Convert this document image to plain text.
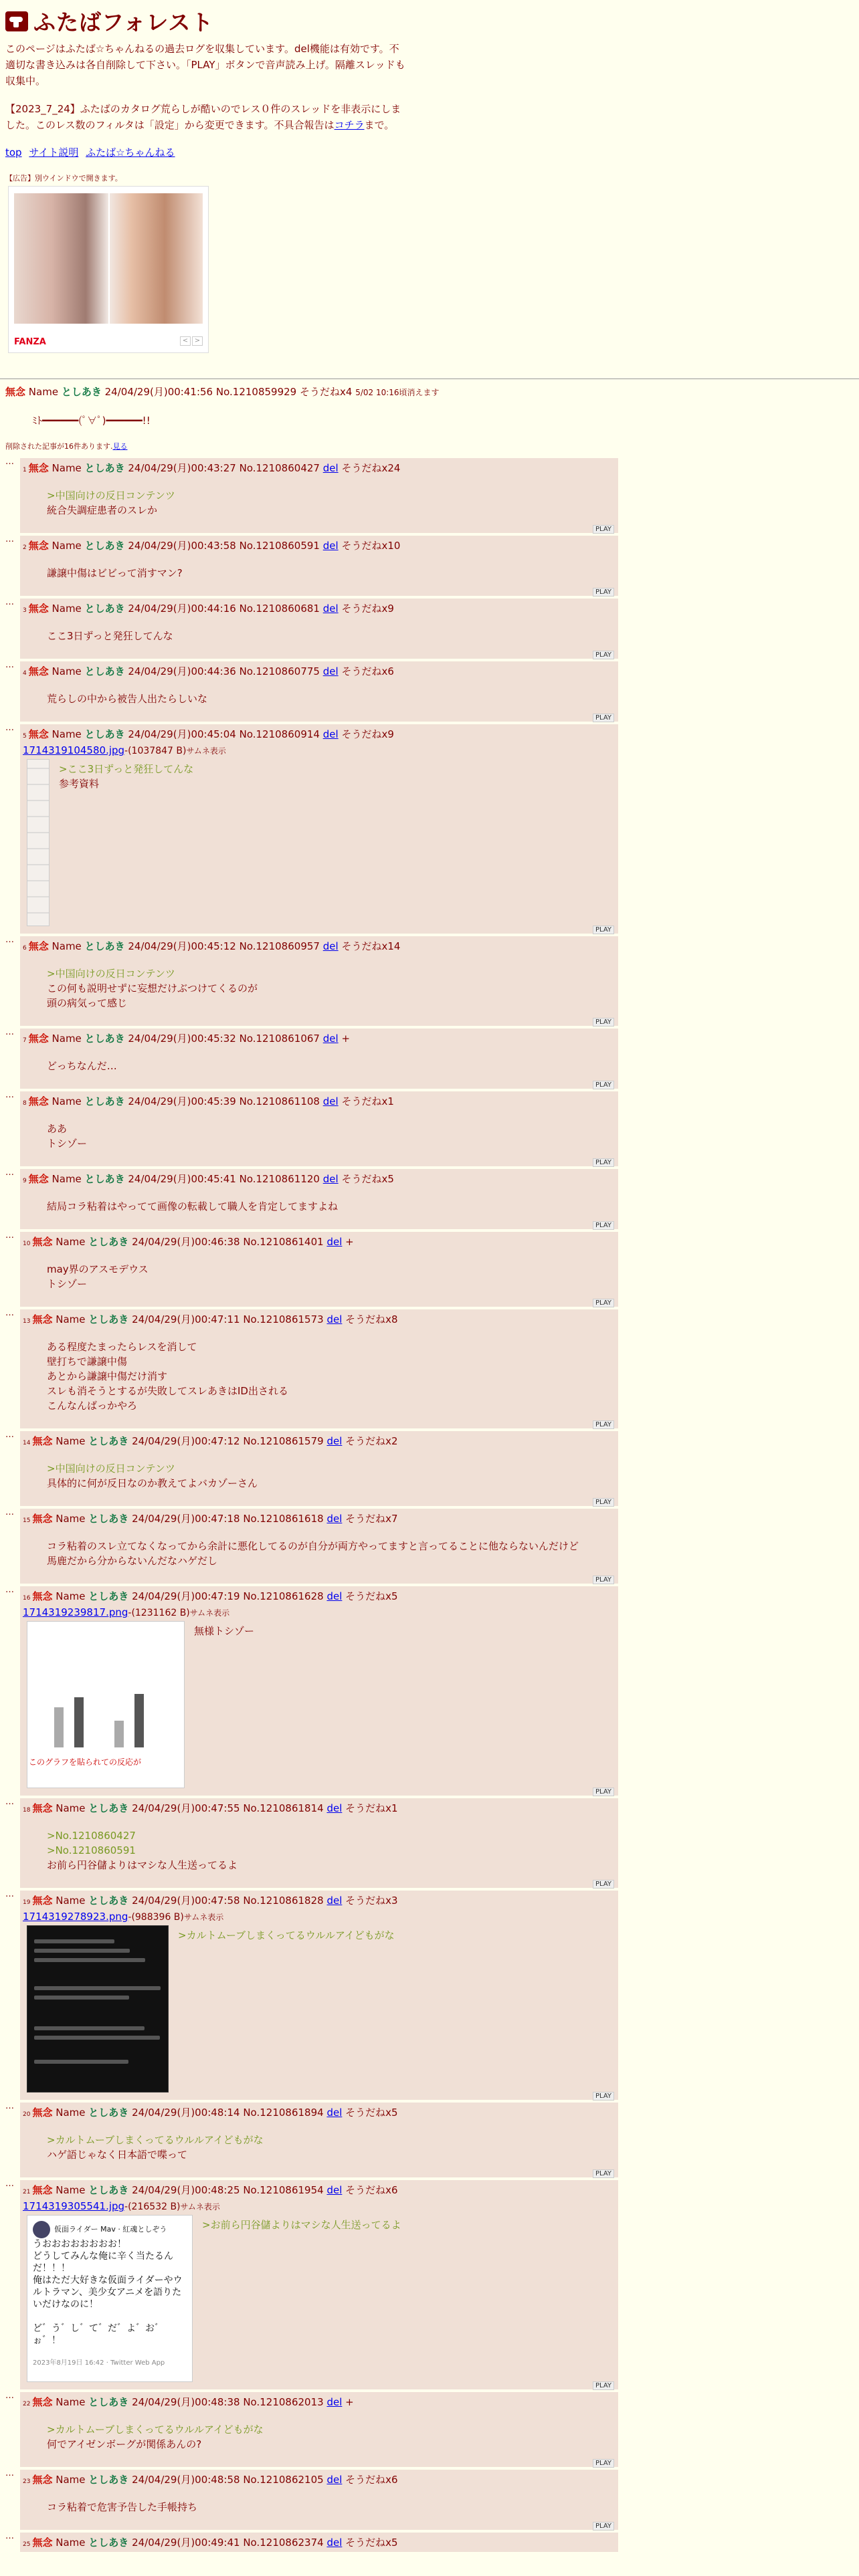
ふたばフォレスト

このページはふたば☆ちゃんねるの過去ログを収集しています。del機能は有効です。不適切な書き込みは各自削除して下さい。「PLAY」ボタンで音声読み上げ。隔離スレッドも収集中。

【2023_7_24】ふたばのカタログ荒らしが酷いのでレス０件のスレッドを非表示にしました。このレス数のフィルタは「設定」から変更できます。不具合報告はコチラまで。

top サイト説明 ふたば☆ちゃんねる
【広告】別ウインドウで開きます。
FANZA	< >
無念 Name としあき 24/04/29(月)00:41:56 No.1210859929 そうだねx4 5/02 10:16頃消えます
ﾐﾄ━━━━━━(ﾟ∀ﾟ)━━━━━━!!
削除された記事が16件あります.見る
…
1 無念 Name としあき 24/04/29(月)00:43:27 No.1210860427 del そうだねx24
>中国向けの反日コンテンツ
統合失調症患者のスレか
PLAY
…
2 無念 Name としあき 24/04/29(月)00:43:58 No.1210860591 del そうだねx10
謙譲中傷はビビって消すマン?
PLAY
…
3 無念 Name としあき 24/04/29(月)00:44:16 No.1210860681 del そうだねx9
ここ3日ずっと発狂してんな
PLAY
…
4 無念 Name としあき 24/04/29(月)00:44:36 No.1210860775 del そうだねx6
荒らしの中から被告人出たらしいな
PLAY
…
5 無念 Name としあき 24/04/29(月)00:45:04 No.1210860914 del そうだねx9
1714319104580.jpg-(1037847 B)サムネ表示
>ここ3日ずっと発狂してんな
参考資料
PLAY
…
6 無念 Name としあき 24/04/29(月)00:45:12 No.1210860957 del そうだねx14
>中国向けの反日コンテンツ
この何も説明せずに妄想だけぶつけてくるのが
頭の病気って感じ
PLAY
…
7 無念 Name としあき 24/04/29(月)00:45:32 No.1210861067 del +
どっちなんだ…
PLAY
…
8 無念 Name としあき 24/04/29(月)00:45:39 No.1210861108 del そうだねx1
ああ
トシゾー
PLAY
…
9 無念 Name としあき 24/04/29(月)00:45:41 No.1210861120 del そうだねx5
結局コラ粘着はやってて画像の転載して職人を肯定してますよね
PLAY
…
10 無念 Name としあき 24/04/29(月)00:46:38 No.1210861401 del +
may界のアスモデウス
トシゾー
PLAY
…
13 無念 Name としあき 24/04/29(月)00:47:11 No.1210861573 del そうだねx8
ある程度たまったらレスを消して
壁打ちで謙譲中傷
あとから謙譲中傷だけ消す
スレも消そうとするが失敗してスレあきはID出される
こんなんばっかやろ
PLAY
…
14 無念 Name としあき 24/04/29(月)00:47:12 No.1210861579 del そうだねx2
>中国向けの反日コンテンツ
具体的に何が反日なのか教えてよバカゾーさん
PLAY
…
15 無念 Name としあき 24/04/29(月)00:47:18 No.1210861618 del そうだねx7
コラ粘着のスレ立てなくなってから余計に悪化してるのが自分が両方やってますと言ってることに他ならないんだけど
馬鹿だから分からないんだなハゲだし
PLAY
…
16 無念 Name としあき 24/04/29(月)00:47:19 No.1210861628 del そうだねx5
1714319239817.png-(1231162 B)サムネ表示
このグラフを貼られての反応が
無様トシゾー
PLAY
…
18 無念 Name としあき 24/04/29(月)00:47:55 No.1210861814 del そうだねx1
>No.1210860427
>No.1210860591
お前ら円谷儲よりはマシな人生送ってるよ
PLAY
…
19 無念 Name としあき 24/04/29(月)00:47:58 No.1210861828 del そうだねx3
1714319278923.png-(988396 B)サムネ表示
>カルトムーブしまくってるウルルアイどもがな
PLAY
…
20 無念 Name としあき 24/04/29(月)00:48:14 No.1210861894 del そうだねx5
>カルトムーブしまくってるウルルアイどもがな
ハゲ語じゃなく日本語で喋って
PLAY
…
21 無念 Name としあき 24/04/29(月)00:48:25 No.1210861954 del そうだねx6
1714319305541.jpg-(216532 B)サムネ表示
仮面ライダー Mav · 紅魂としぞう
うおおおおおおおお！
どうしてみんな俺に辛く当たるんだ！！！
俺はただ大好きな仮面ライダーやウルトラマン、美少女アニメを語りたいだけなのに！

ど゛う゛し゛て゛だ゛よ゛お゛ぉ゛！
2023年8月19日 16:42 · Twitter Web App
>お前ら円谷儲よりはマシな人生送ってるよ
PLAY
…
22 無念 Name としあき 24/04/29(月)00:48:38 No.1210862013 del +
>カルトムーブしまくってるウルルアイどもがな
何でアイゼンボーグが関係あんの?
PLAY
…
23 無念 Name としあき 24/04/29(月)00:48:58 No.1210862105 del そうだねx6
コラ粘着で危害予告した手帳持ち
PLAY
…
25 無念 Name としあき 24/04/29(月)00:49:41 No.1210862374 del そうだねx5
